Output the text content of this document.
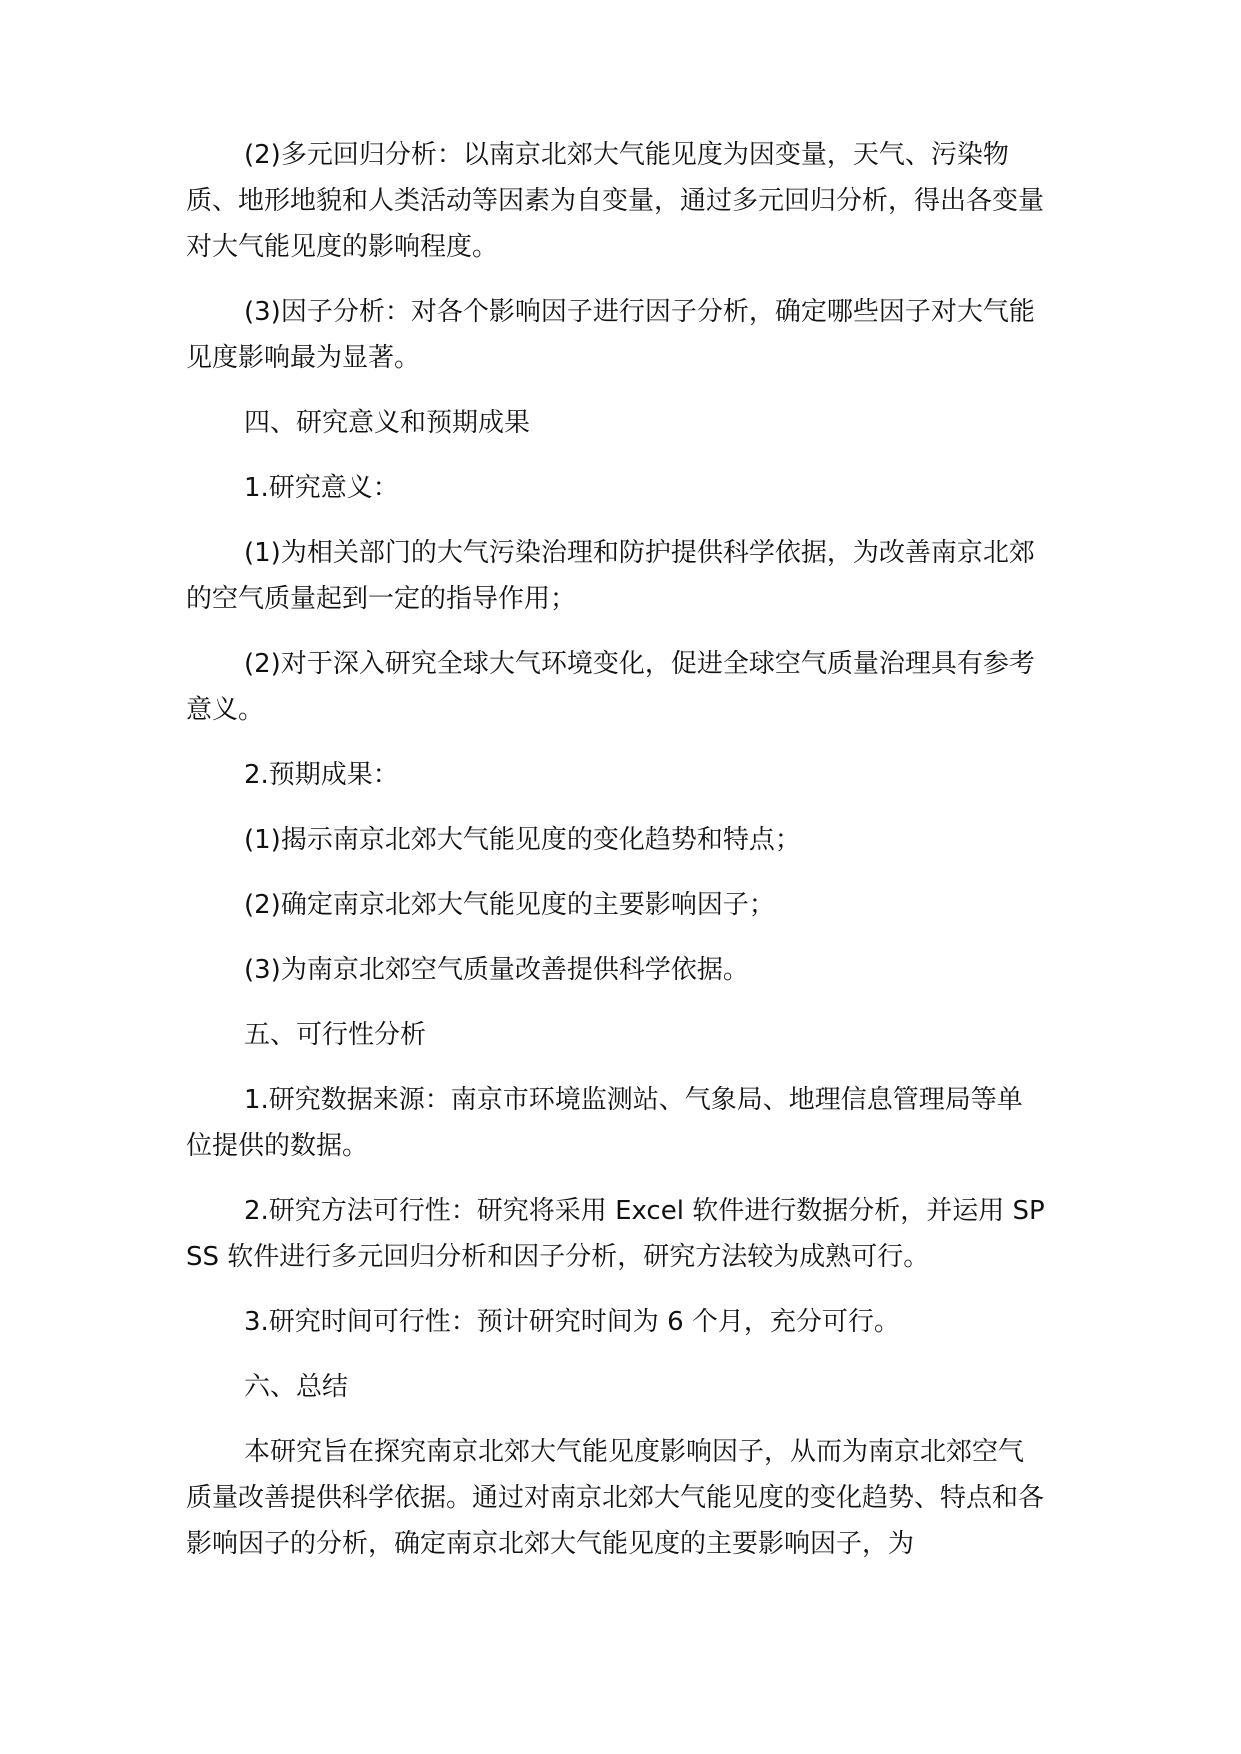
(2)多元回归分析：以南京北郊大气能见度为因变量，天气、污染物质、地形地貌和人类活动等因素为自变量，通过多元回归分析，得出各变量对大气能见度的影响程度。

(3)因子分析：对各个影响因子进行因子分析，确定哪些因子对大气能见度影响最为显著。

四、研究意义和预期成果

1.研究意义：

(1)为相关部门的大气污染治理和防护提供科学依据，为改善南京北郊的空气质量起到一定的指导作用；

(2)对于深入研究全球大气环境变化，促进全球空气质量治理具有参考意义。

2.预期成果：

(1)揭示南京北郊大气能见度的变化趋势和特点；

(2)确定南京北郊大气能见度的主要影响因子；

(3)为南京北郊空气质量改善提供科学依据。

五、可行性分析

1.研究数据来源：南京市环境监测站、气象局、地理信息管理局等单位提供的数据。

2.研究方法可行性：研究将采用 Excel 软件进行数据分析，并运用 SPSS 软件进行多元回归分析和因子分析，研究方法较为成熟可行。

3.研究时间可行性：预计研究时间为 6 个月，充分可行。

六、总结

本研究旨在探究南京北郊大气能见度影响因子，从而为南京北郊空气质量改善提供科学依据。通过对南京北郊大气能见度的变化趋势、特点和各影响因子的分析，确定南京北郊大气能见度的主要影响因子，为
